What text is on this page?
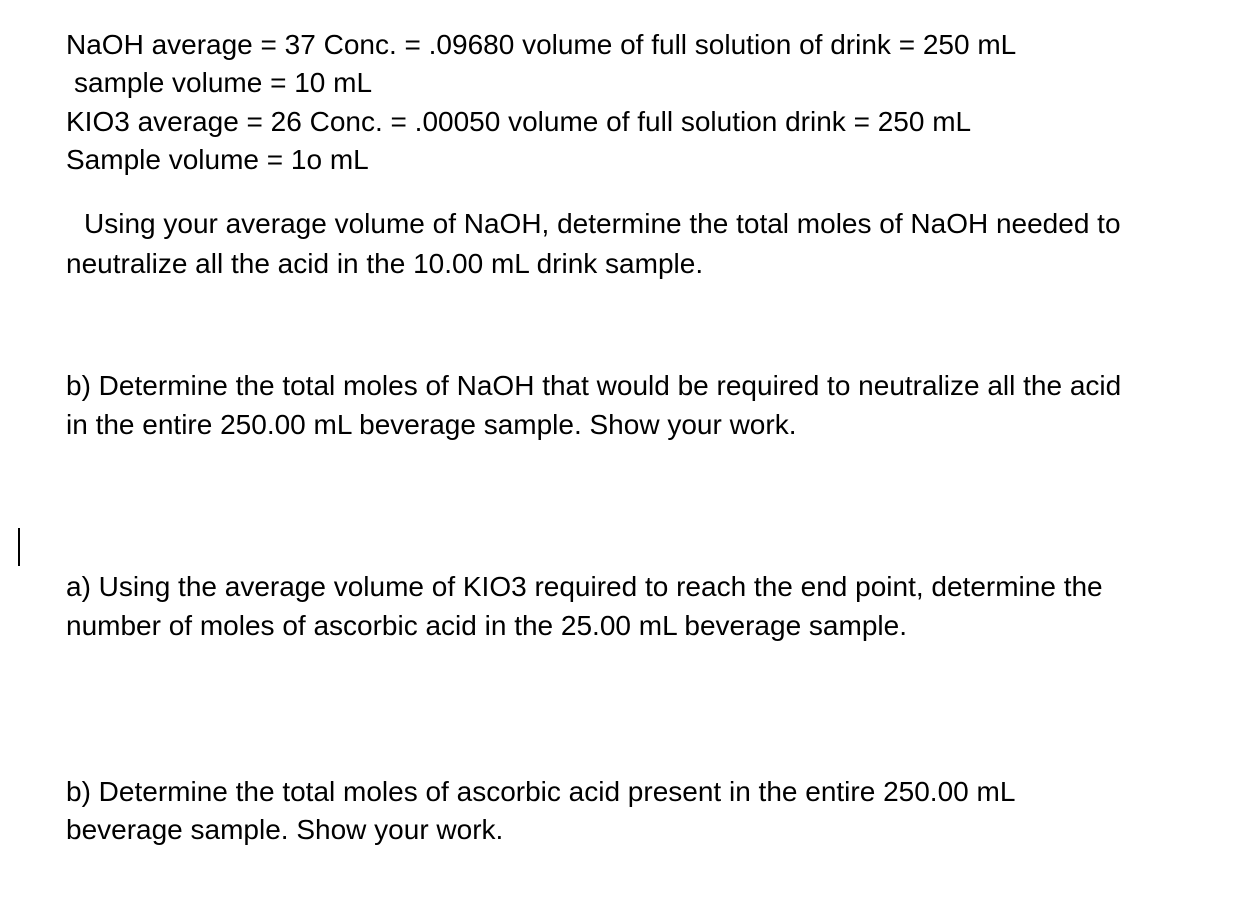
NaOH average = 37 Conc. = .09680 volume of full solution of drink = 250 mL
sample volume = 10 mL
KIO3 average = 26 Conc. = .00050 volume of full solution drink = 250 mL
Sample volume = 1o mL
Using your average volume of NaOH, determine the total moles of NaOH needed to
neutralize all the acid in the 10.00 mL drink sample.
b) Determine the total moles of NaOH that would be required to neutralize all the acid
in the entire 250.00 mL beverage sample. Show your work.
a) Using the average volume of KIO3 required to reach the end point, determine the
number of moles of ascorbic acid in the 25.00 mL beverage sample.
b) Determine the total moles of ascorbic acid present in the entire 250.00 mL
beverage sample. Show your work.
